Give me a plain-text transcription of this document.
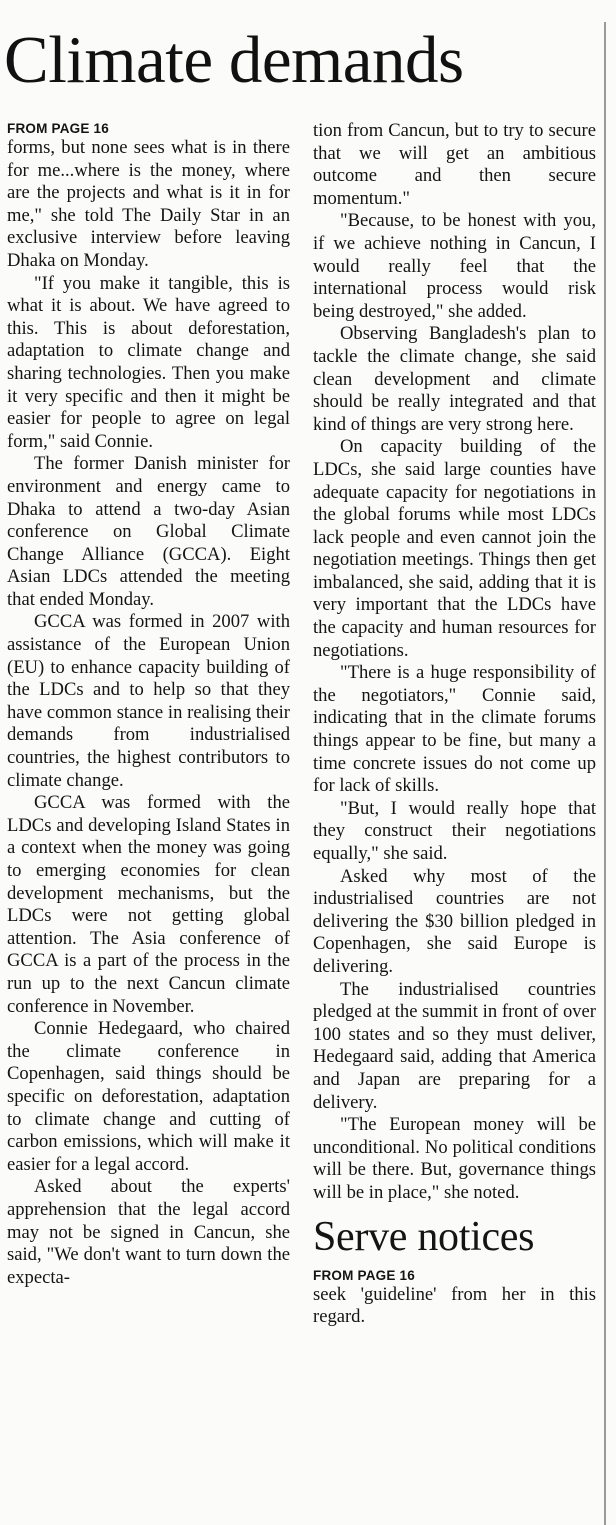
Climate demands
FROM PAGE 16

forms, but none sees what is in there for me...where is the money, where are the projects and what is it in for me," she told The Daily Star in an exclusive interview before leaving Dhaka on Monday.

"If you make it tangible, this is what it is about. We have agreed to this. This is about deforestation, adaptation to climate change and sharing technologies. Then you make it very specific and then it might be easier for people to agree on legal form," said Connie.

The former Danish minister for environment and energy came to Dhaka to attend a two-day Asian conference on Global Climate Change Alliance (GCCA). Eight Asian LDCs attended the meeting that ended Monday.

GCCA was formed in 2007 with assistance of the European Union (EU) to enhance capacity building of the LDCs and to help so that they have common stance in realising their demands from industrialised countries, the highest contributors to climate change.

GCCA was formed with the LDCs and developing Island States in a context when the money was going to emerging economies for clean development mechanisms, but the LDCs were not getting global attention. The Asia conference of GCCA is a part of the process in the run up to the next Cancun climate conference in November.

Connie Hedegaard, who chaired the climate conference in Copenhagen, said things should be specific on deforestation, adaptation to climate change and cutting of carbon emissions, which will make it easier for a legal accord.

Asked about the experts' apprehension that the legal accord may not be signed in Cancun, she said, "We don't want to turn down the expecta-

tion from Cancun, but to try to secure that we will get an ambitious outcome and then secure momentum."

"Because, to be honest with you, if we achieve nothing in Cancun, I would really feel that the international process would risk being destroyed," she added.

Observing Bangladesh's plan to tackle the climate change, she said clean development and climate should be really integrated and that kind of things are very strong here.

On capacity building of the LDCs, she said large counties have adequate capacity for negotiations in the global forums while most LDCs lack people and even cannot join the negotiation meetings. Things then get imbalanced, she said, adding that it is very important that the LDCs have the capacity and human resources for negotiations.

"There is a huge responsibility of the negotiators," Connie said, indicating that in the climate forums things appear to be fine, but many a time concrete issues do not come up for lack of skills.

"But, I would really hope that they construct their negotiations equally," she said.

Asked why most of the industrialised countries are not delivering the $30 billion pledged in Copenhagen, she said Europe is delivering.

The industrialised countries pledged at the summit in front of over 100 states and so they must deliver, Hedegaard said, adding that America and Japan are preparing for a delivery.

"The European money will be unconditional. No political conditions will be there. But, governance things will be in place," she noted.

Serve notices
FROM PAGE 16

seek 'guideline' from her in this regard.
